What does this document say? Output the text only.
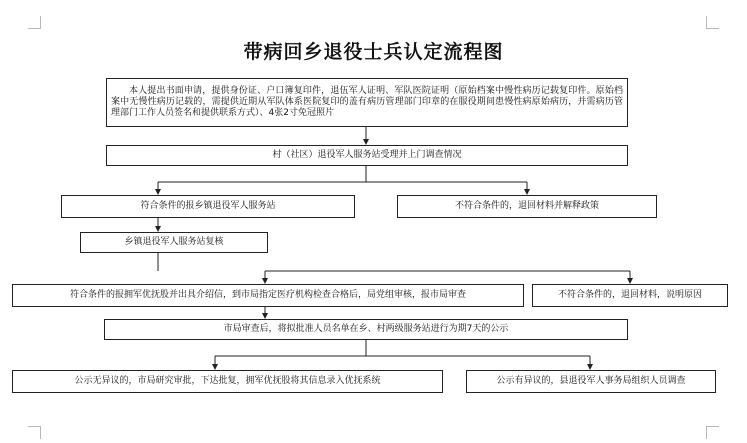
带病回乡退役士兵认定流程图
本人提出书面申请，提供身份证、户口簿复印件，退伍军人证明、军队医院证明（原始档案中慢性病历记载复印件。原始档案中无慢性病历记载的，需提供近期从军队体系医院复印的盖有病历管理部门印章的在服役期间患慢性病原始病历，并需病历管理部门工作人员签名和提供联系方式）、4张2寸免冠照片
村（社区）退役军人服务站受理并上门调查情况
符合条件的报乡镇退役军人服务站	不符合条件的，退回材料并解释政策
乡镇退役军人服务站复核
符合条件的报拥军优抚股并出具介绍信，到市局指定医疗机构检查合格后，局党组审核，报市局审查	不符合条件的，退回材料，说明原因
市局审查后，将拟批准人员名单在乡、村两级服务站进行为期7天的公示
公示无异议的，市局研究审批，下达批复，拥军优抚股将其信息录入优抚系统	公示有异议的，县退役军人事务局组织人员调查
